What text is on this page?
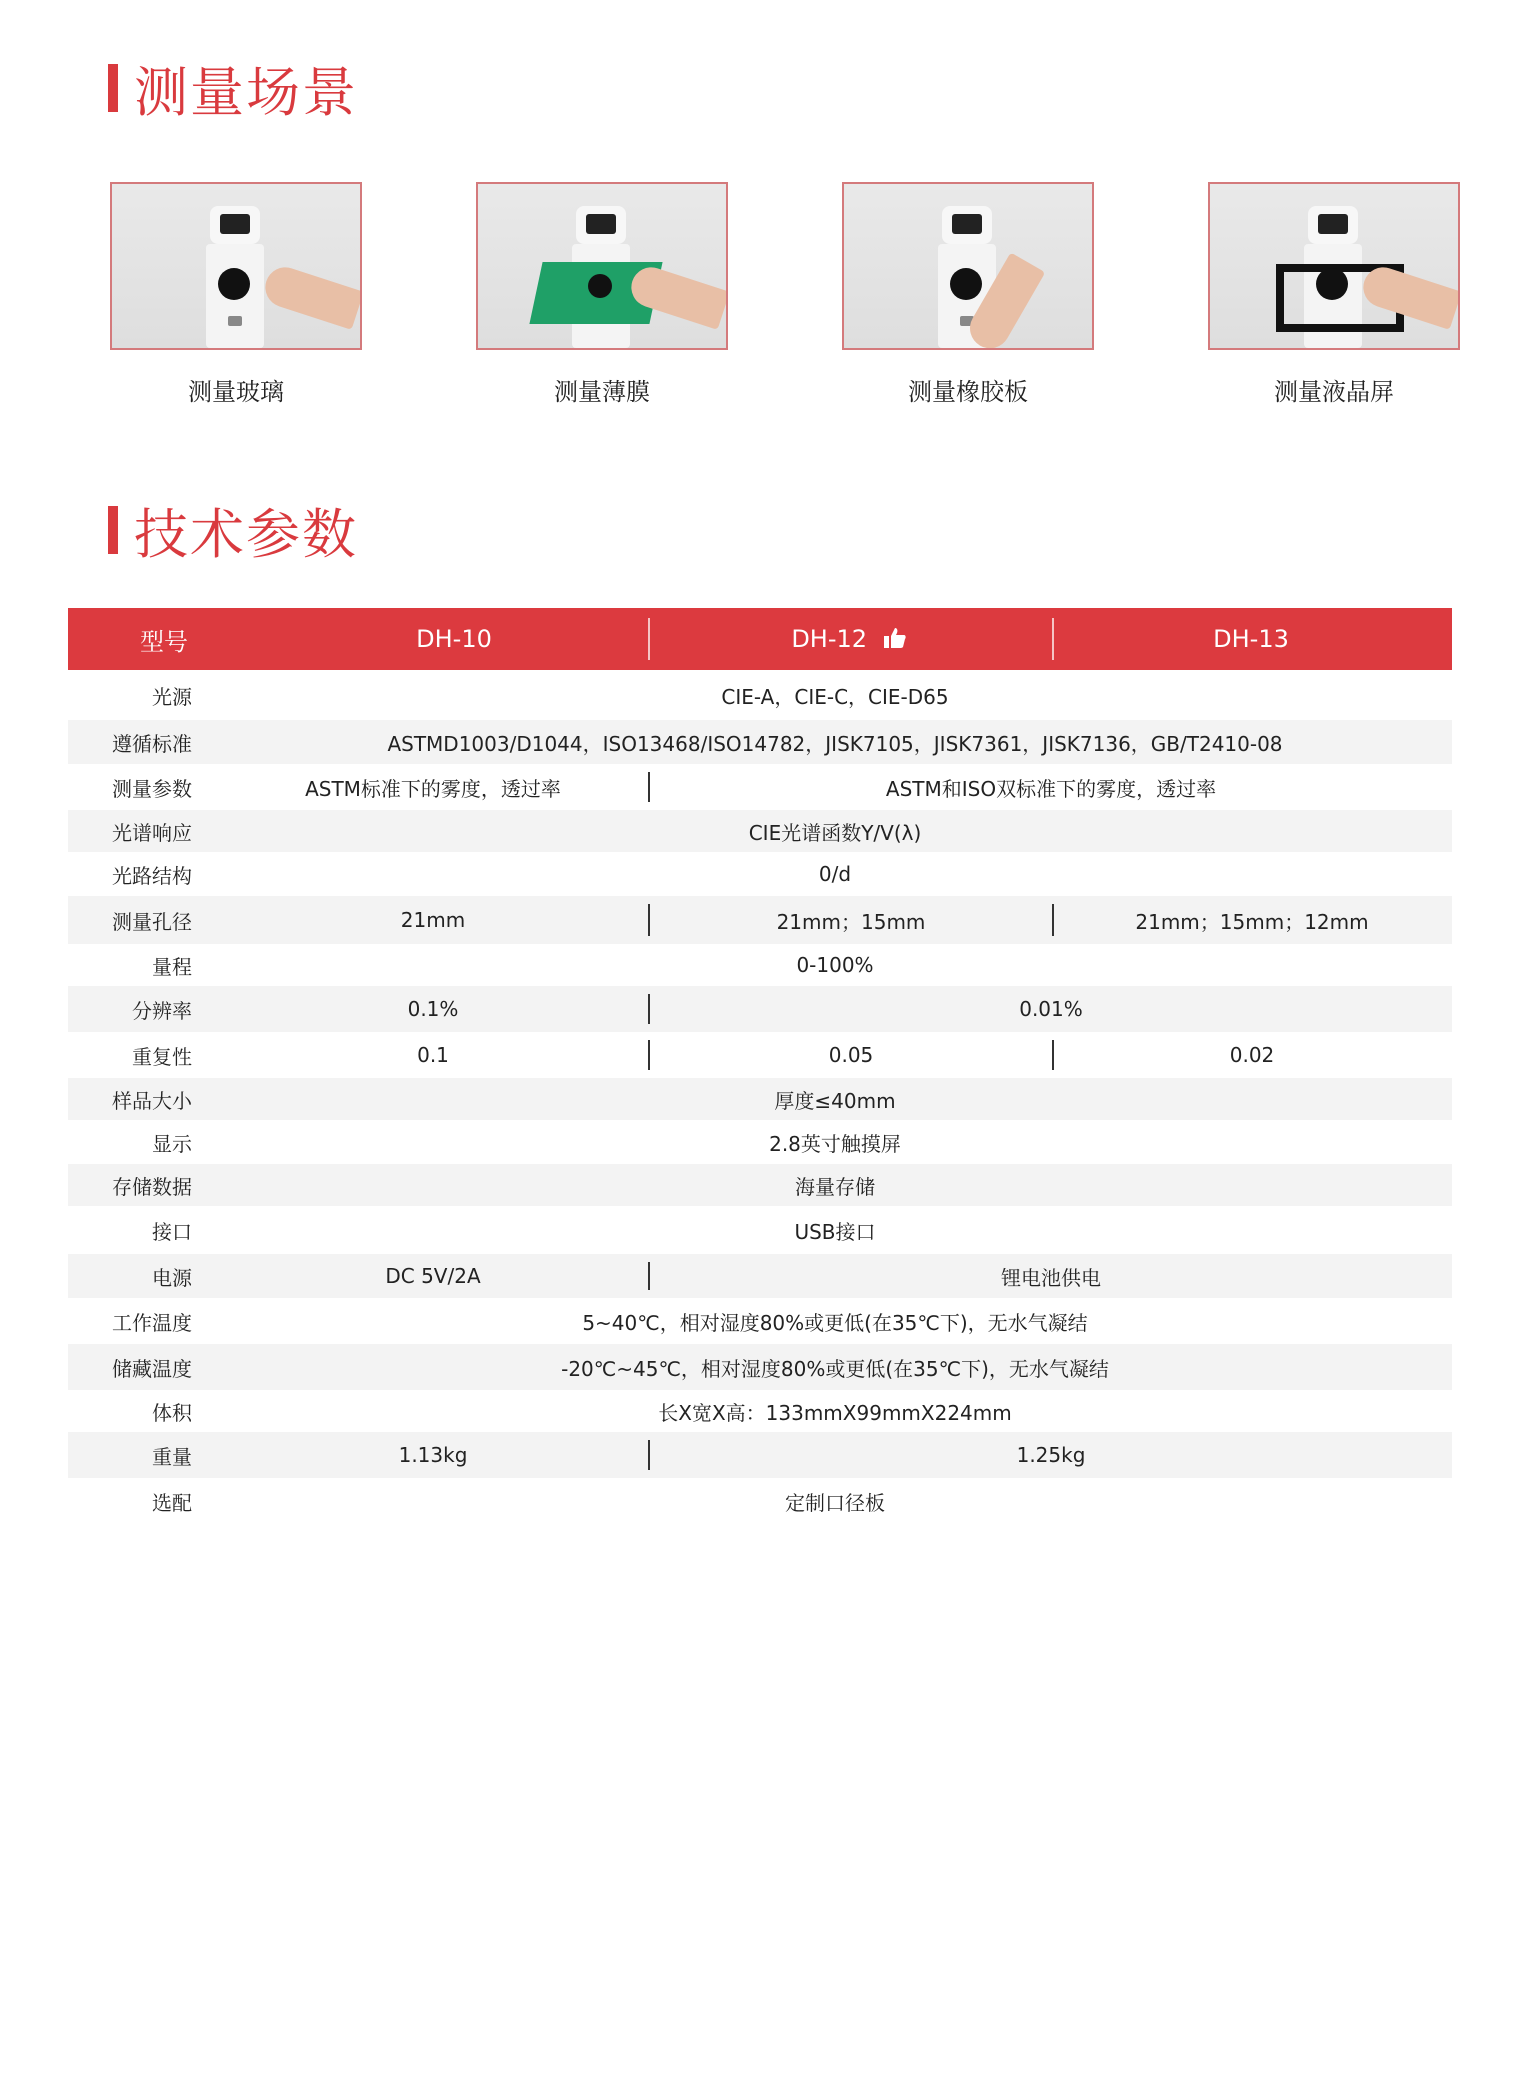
测量场景
测量玻璃	测量薄膜	测量橡胶板	测量液晶屏
技术参数
型号	DH-10	DH-12	DH-13
光源	CIE-A，CIE-C，CIE-D65
遵循标准	ASTMD1003/D1044，ISO13468/ISO14782，JISK7105，JISK7361，JISK7136，GB/T2410-08
测量参数	ASTM标准下的雾度，透过率	ASTM和ISO双标准下的雾度，透过率
光谱响应	CIE光谱函数Y/V(λ)
光路结构	0/d
测量孔径	21mm	21mm；15mm	21mm；15mm；12mm
量程	0-100%
分辨率	0.1%	0.01%
重复性	0.1	0.05	0.02
样品大小	厚度≤40mm
显示	2.8英寸触摸屏
存储数据	海量存储
接口	USB接口
电源	DC 5V/2A	锂电池供电
工作温度	5~40℃，相对湿度80%或更低(在35℃下)，无水气凝结
储藏温度	-20℃~45℃，相对湿度80%或更低(在35℃下)，无水气凝结
体积	长X宽X高：133mmX99mmX224mm
重量	1.13kg	1.25kg
选配	定制口径板
